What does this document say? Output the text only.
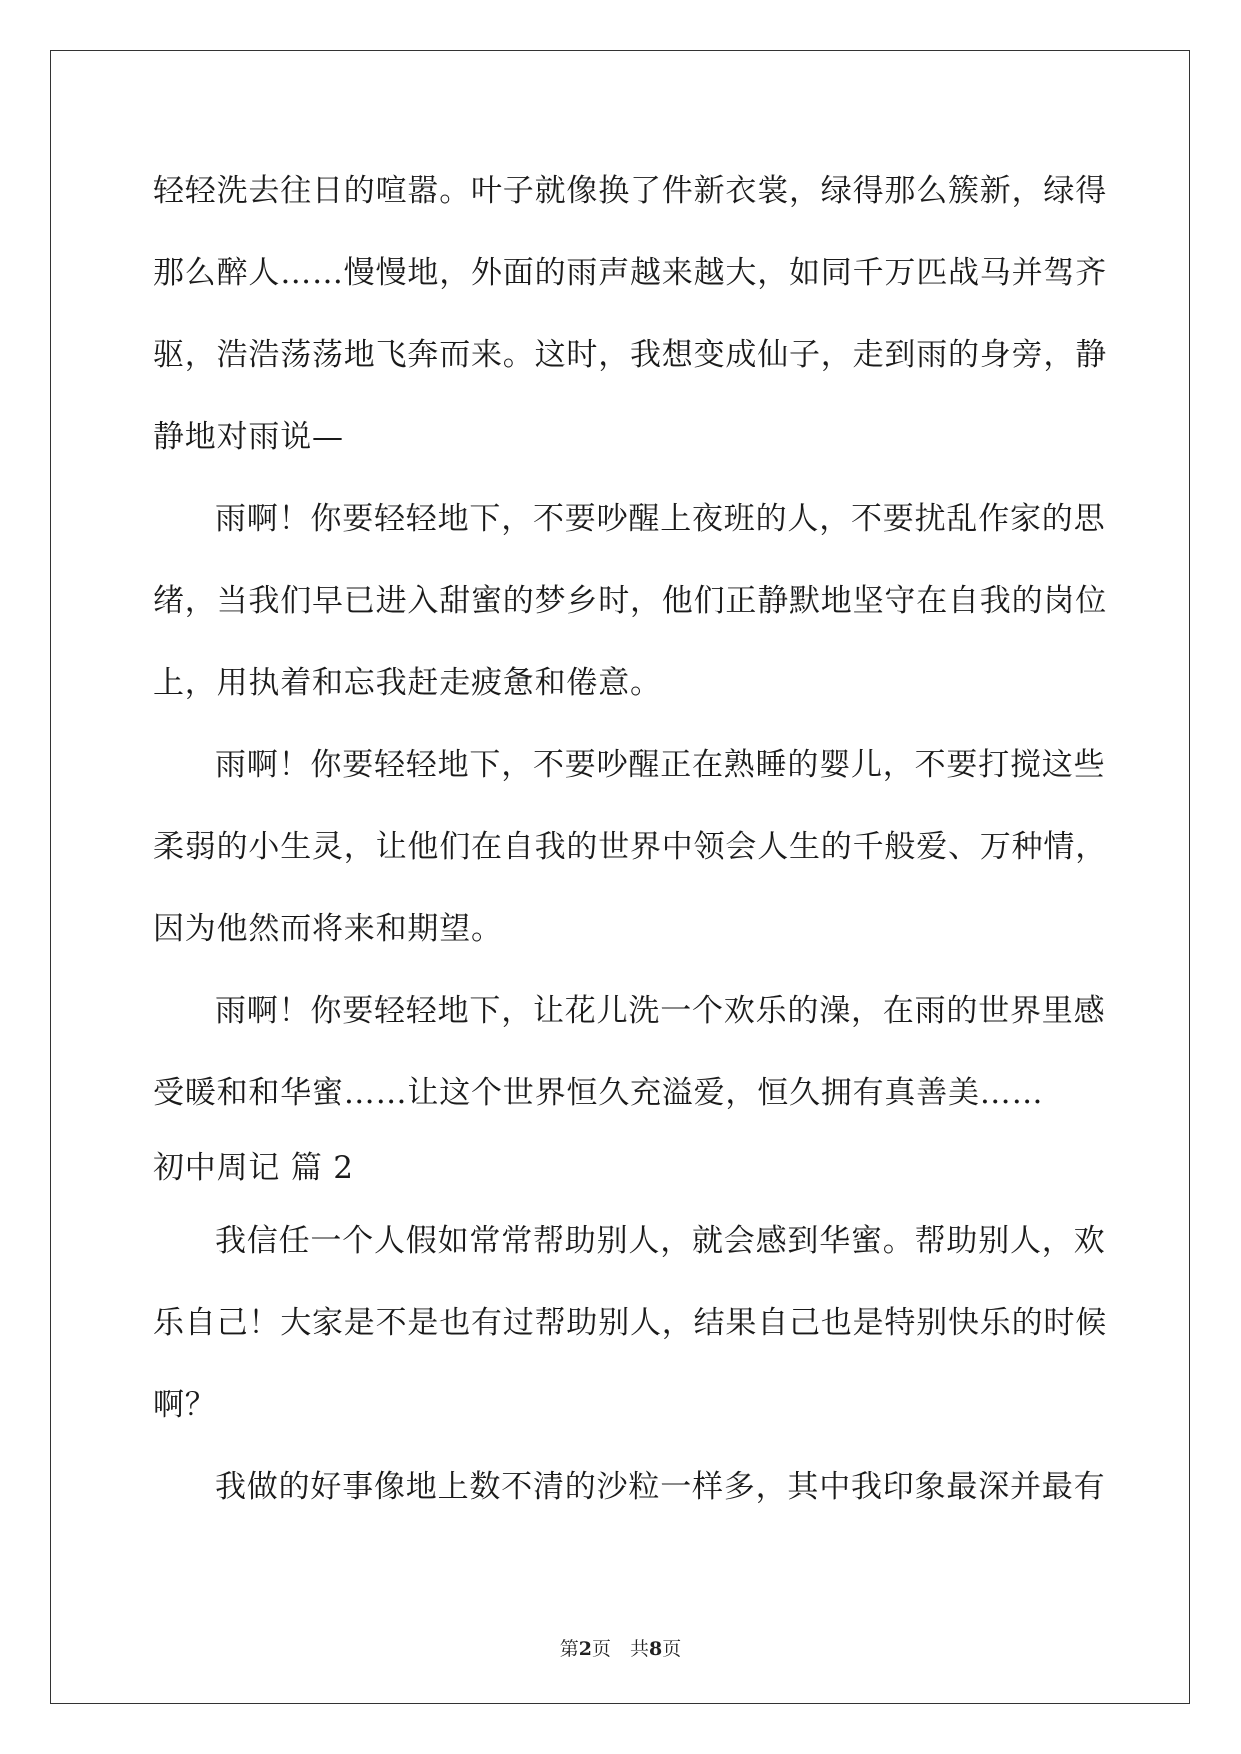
轻轻洗去往日的喧嚣。叶子就像换了件新衣裳，绿得那么簇新，绿得
那么醉人……慢慢地，外面的雨声越来越大，如同千万匹战马并驾齐
驱，浩浩荡荡地飞奔而来。这时，我想变成仙子，走到雨的身旁，静
静地对雨说—
雨啊！你要轻轻地下，不要吵醒上夜班的人，不要扰乱作家的思
绪，当我们早已进入甜蜜的梦乡时，他们正静默地坚守在自我的岗位
上，用执着和忘我赶走疲惫和倦意。
雨啊！你要轻轻地下，不要吵醒正在熟睡的婴儿，不要打搅这些
柔弱的小生灵，让他们在自我的世界中领会人生的千般爱、万种情，
因为他然而将来和期望。
雨啊！你要轻轻地下，让花儿洗一个欢乐的澡，在雨的世界里感
受暖和和华蜜……让这个世界恒久充溢爱，恒久拥有真善美……
初中周记 篇 2
我信任一个人假如常常帮助别人，就会感到华蜜。帮助别人，欢
乐自己！大家是不是也有过帮助别人，结果自己也是特别快乐的时候
啊？
我做的好事像地上数不清的沙粒一样多，其中我印象最深并最有
第2页　共8页
